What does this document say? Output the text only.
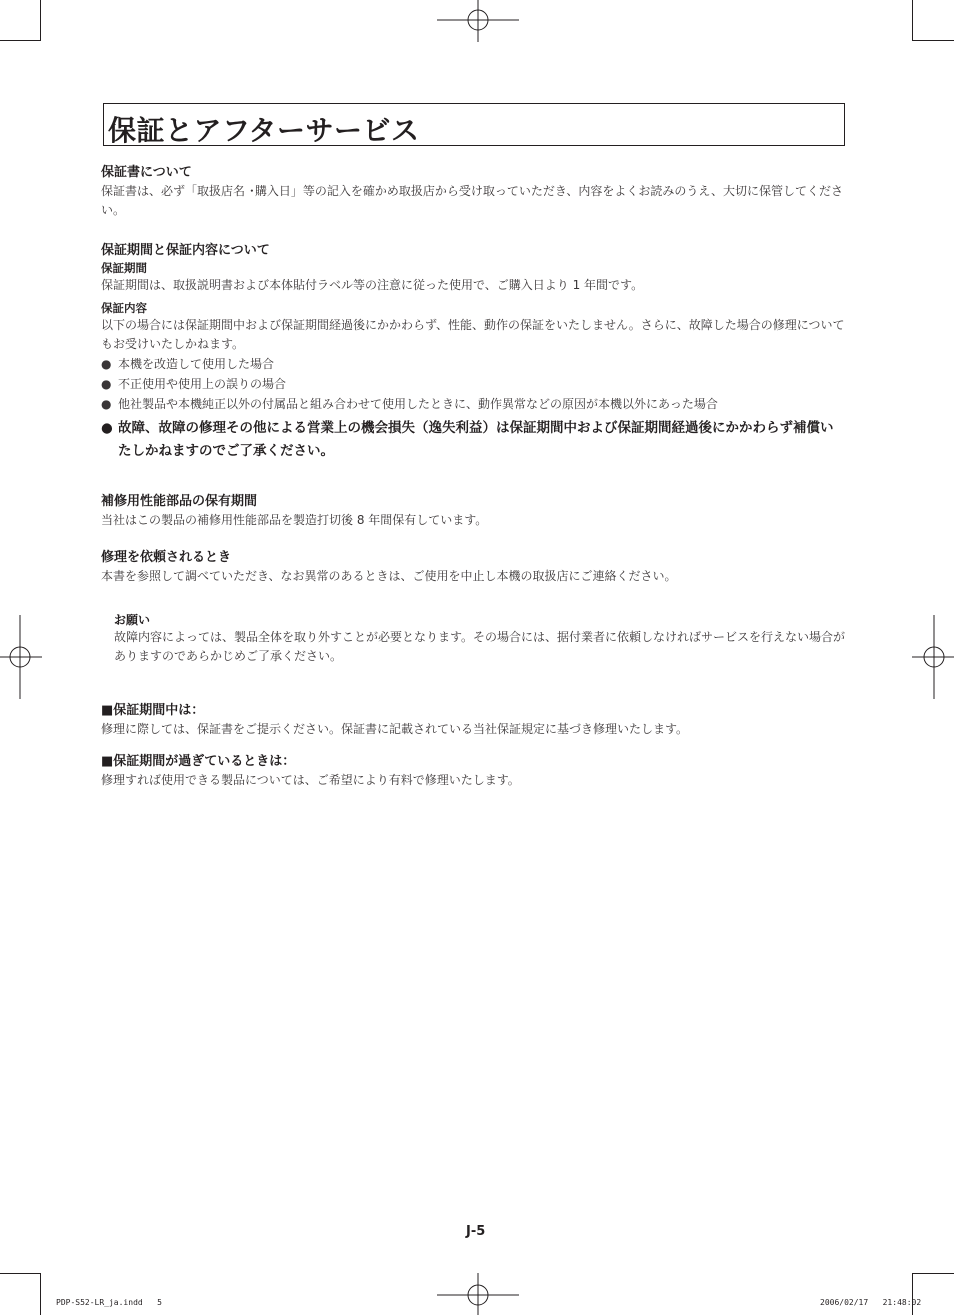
保証とアフターサービス
保証書について

保証書は、必ず「取扱店名 ･購入日」等の記入を確かめ取扱店から受け取っていただき、内容をよくお読みのうえ、大切に保管してください。

保証期間と保証内容について
保証期間

保証期間は、取扱説明書および本体貼付ラベル等の注意に従った使用で、ご購入日より 1 年間です。

保証内容

以下の場合には保証期間中および保証期間経過後にかかわらず、性能、動作の保証をいたしません。さらに、故障した場合の修理についてもお受けいたしかねます。

● 本機を改造して使用した場合
● 不正使用や使用上の誤りの場合
● 他社製品や本機純正以外の付属品と組み合わせて使用したときに、動作異常などの原因が本機以外にあった場合
● 故障、故障の修理その他による営業上の機会損失（逸失利益）は保証期間中および保証期間経過後にかかわらず補償いたしかねますのでご了承ください。
補修用性能部品の保有期間

当社はこの製品の補修用性能部品を製造打切後 8 年間保有しています。

修理を依頼されるとき

本書を参照して調べていただき、なお異常のあるときは、ご使用を中止し本機の取扱店にご連絡ください。

お願い

故障内容によっては、製品全体を取り外すことが必要となります。その場合には、据付業者に依頼しなければサービスを行えない場合がありますのであらかじめご了承ください。

■保証期間中は：

修理に際しては、保証書をご提示ください。保証書に記載されている当社保証規定に基づき修理いたします。

■保証期間が過ぎているときは：

修理すれば使用できる製品については、ご希望により有料で修理いたします。

J-5
PDP-S52-LR_ja.indd   5	2006/02/17   21:48:02
